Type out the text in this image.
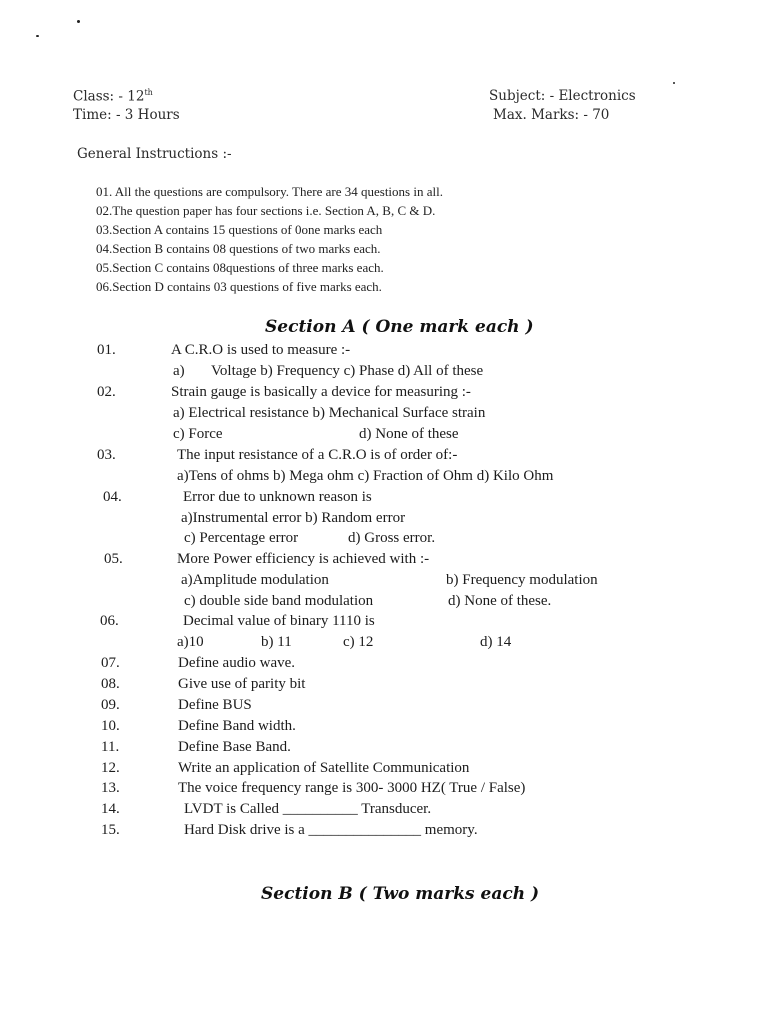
Class: - 12th
Time: - 3 Hours
Subject: - Electronics
Max. Marks: - 70
General Instructions :-
01. All the questions are compulsory. There are 34 questions in all.
02.The question paper has four sections i.e. Section A, B, C & D.
03.Section A contains 15 questions of 0one marks each
04.Section B contains 08 questions of two marks each.
05.Section C contains 08questions of three marks each.
06.Section D contains 03 questions of five marks each.
Section A ( One mark each )
01.	A C.R.O is used to measure :-
a) Voltage b) Frequency c) Phase d) All of these
02.	Strain gauge is basically a device for measuring :-
a) Electrical resistance b) Mechanical Surface strain
c) Force	d) None of these
03.	The input resistance of a C.R.O is of order of:-
a)Tens of ohms b) Mega ohm c) Fraction of Ohm d) Kilo Ohm
04.	Error due to unknown reason is
a)Instrumental error b) Random error
c) Percentage error	d) Gross error.
05.	More Power efficiency is achieved with :-
a)Amplitude modulation	b) Frequency modulation
c) double side band modulation	d) None of these.
06.	Decimal value of binary 1110 is
a)10	b) 11	c) 12	d) 14
07.	Define audio wave.
08.	Give use of parity bit
09.	Define BUS
10.	Define Band width.
11.	Define Base Band.
12.	Write an application of Satellite Communication
13.	The voice frequency range is 300- 3000 HZ( True / False)
14.	LVDT is Called __________ Transducer.
15.	Hard Disk drive is a _______________ memory.
Section B ( Two marks each )
